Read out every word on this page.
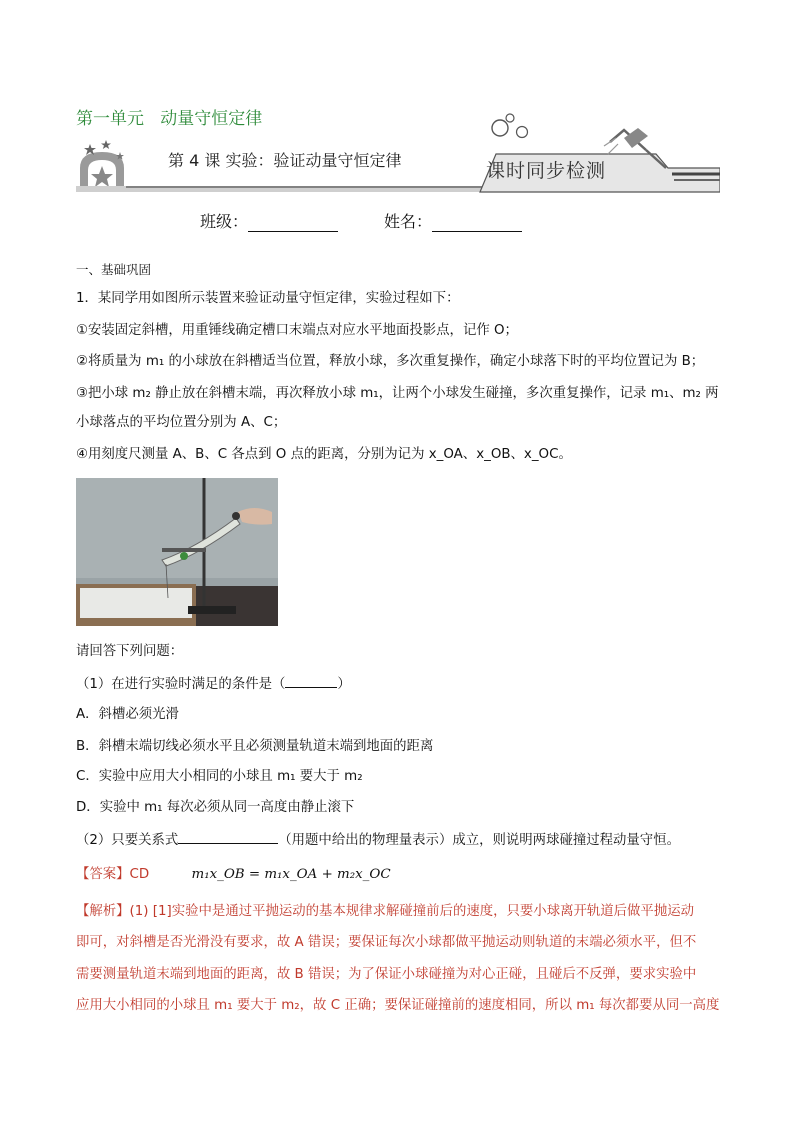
第一单元   动量守恒定律
第 4 课 实验：验证动量守恒定律	课时同步检测
班级：	姓名：
一、基础巩固
1．某同学用如图所示装置来验证动量守恒定律，实验过程如下：
①安装固定斜槽，用重锤线确定槽口末端点对应水平地面投影点，记作 O；
②将质量为 m₁ 的小球放在斜槽适当位置，释放小球，多次重复操作，确定小球落下时的平均位置记为 B；
③把小球 m₂ 静止放在斜槽末端，再次释放小球 m₁，让两个小球发生碰撞，多次重复操作，记录 m₁、m₂ 两
小球落点的平均位置分别为 A、C；
④用刻度尺测量 A、B、C 各点到 O 点的距离，分别为记为 x_OA、x_OB、x_OC。
请回答下列问题：
（1）在进行实验时满足的条件是（	）
A．斜槽必须光滑
B．斜槽末端切线必须水平且必须测量轨道末端到地面的距离
C．实验中应用大小相同的小球且 m₁ 要大于 m₂
D．实验中 m₁ 每次必须从同一高度由静止滚下
（2）只要关系式	（用题中给出的物理量表示）成立，则说明两球碰撞过程动量守恒。
【答案】CD	m₁x_OB = m₁x_OA + m₂x_OC
【解析】(1) [1]实验中是通过平抛运动的基本规律求解碰撞前后的速度，只要小球离开轨道后做平抛运动
即可，对斜槽是否光滑没有要求，故 A 错误；要保证每次小球都做平抛运动则轨道的末端必须水平，但不
需要测量轨道末端到地面的距离，故 B 错误；为了保证小球碰撞为对心正碰，且碰后不反弹，要求实验中
应用大小相同的小球且 m₁ 要大于 m₂，故 C 正确；要保证碰撞前的速度相同，所以 m₁ 每次都要从同一高度
